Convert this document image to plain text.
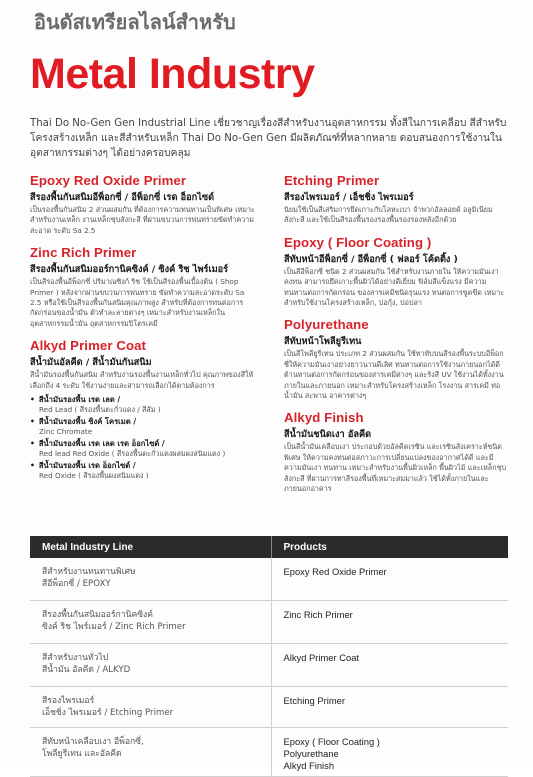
อินดัสเทรียลไลน์สำหรับ
Metal Industry
Thai Do No-Gen Gen Industrial Line เชี่ยวชาญเรื่องสีสำหรับงานอุตสาหกรรม ทั้งสีในการเคลือบ สีสำหรับโครงสร้างเหล็ก และสีสำหรับเหล็ก Thai Do No-Gen Gen มีผลิตภัณฑ์ที่หลากหลาย ตอบสนองการใช้งานในอุตสาหกรรมต่างๆ ได้อย่างครอบคลุม
Epoxy Red Oxide Primer
สีรองพื้นกันสนิมอีพ็อกซี่ / อีพ็อกซี่ เรด อ็อกไซด์
เป็นรองพื้นกันสนิม 2 ส่วนผสมกัน ที่ต้องการความทนทานเป็นพิเศษ เหมาะสำหรับงานเหล็ก งานเหล็กชุบสังกะสี ที่ผ่านขบวนการพ่นทรายขัดทำความสะอาด ระดับ Sa 2.5
Zinc Rich Primer
สีรองพื้นกันสนิมออร์กานิคซิงค์ / ซิงค์ ริช ไพร์เมอร์
เป็นสีรองพื้นอีพ็อกซี่ ปริมาณซิงก์ ริช ใช้เป็นสีรองพื้นเบื้องต้น ( Shop Primer ) หลังจากผ่านขบวนการพ่นทราย ขัดทำความสะอาดระดับ Sa 2.5 หรือใช้เป็นสีรองพื้นกันสนิมคุณภาพสูง สำหรับที่ต้องการทนต่อการกัดกร่อนของน้ำมัน ตัวทำละลายต่างๆ เหมาะสำหรับงานเหล็กในอุตสาหกรรมน้ำมัน อุตสาหกรรมปิโตรเคมี
Alkyd Primer Coat
สีน้ำมันอัลคีด / สีน้ำมันกันสนิม
สีน้ำมันรองพื้นกันสนิม สำหรับงานรองพื้นงานเหล็กทั่วไป คุณภาพของสีให้ เลือกถึง 4 ระดับ ใช้งานง่ายและสามารถเลือกได้ตามต้องการ
• สีน้ำมันรองพื้น เรด เลด /
Red Lead ( สีรองพื้นตะกั่วแดง / สีส้ม )
• สีน้ำมันรองพื้น ซิงค์ โครเมต /
Zinc Chromate
• สีน้ำมันรองพื้น เรด เลด เรด อ็อกไซด์ /
Red lead Red Oxide ( สีรองพื้นตะกั่วแดงผสมผงสนิมแดง )
• สีน้ำมันรองพื้น เรด อ็อกไซด์ /
Red Oxide ( สีรองพื้นผงสนิมแดง )
Etching Primer
สีรองไพรเมอร์ / เอ็ชชิ่ง ไพรเมอร์
นิยมใช้เป็นสีเสริมการยึดเกาะกับโลหะเบา จำพวกอัลลอยด์ อลูมิเนียม สังกะสี และใช้เป็นสีรองพื้นรองรองพื้นรองรองหลังอีกด้วย
Epoxy ( Floor Coating )
สีทับหน้าอีพ็อกซี่ / อีพ็อกซี่ ( ฟลอร์ โค้ตติ้ง )
เป็นสีอีพ็อกซี่ ชนิด 2 ส่วนผสมกัน ใช้สำหรับงานภายใน ให้ความมันเงา คงทน สามารถยึดเกาะพื้นผิวได้อย่างดีเยี่ยม ฟิล์มสีแข็งแรง มีความทนทานต่อการกัดกร่อน ของสารเคมีชนิดรุนแรง ทนต่อการขูดขีด เหมาะสำหรับใช้งานโครงสร้างเหล็ก, บ่อกุ้ง, บ่อปลา
Polyurethane
สีทับหน้าโพลียูรีเทน
เป็นสีโพลียูรีเทน ประเภท 2 ส่วนผสมกัน ใช้ทาทับบนสีรองพื้นระบบอีพ็อกซี่ให้ความมันเงาอย่างยาวนานดีเลิศ ทนทานต่อการใช้งานภายนอกได้ดี ต้านทานต่อการกัดกร่อนของสารเคมีต่างๆ และรังสี UV ใช้งานได้ทั้งงานภายในและภายนอก เหมาะสำหรับโครงสร้างเหล็ก โรงงาน สารเคมี ท่อน้ำมัน สะพาน อาคารต่างๆ
Alkyd Finish
สีน้ำมันชนิดเงา อัลคีด
เป็นสีน้ำมันเคลือบเงา ประกอบด้วยอัลคีดเรซิน และเรซินสังเคราะห์ชนิดพิเศษ ให้ความคงทนต่อสภาวะการเปลี่ยนแปลงของอากาศได้ดี และมีความมันเงา ทนทาน เหมาะสำหรับงานพื้นผิวเหล็ก พื้นผิวไม้ และเหล็กชุบสังกะสี ที่ผ่านการทาสีรองพื้นที่เหมาะสมมาแล้ว ใช้ได้ทั้งภายในและภายนอกอาคาร
Metal Industry Line	Products

สีสำหรับงานทนทานพิเศษ
สีอีพ็อกซี่ / EPOXY	Epoxy Red Oxide Primer

สีรองพื้นกันสนิมออร์กานิคซิงค์
ซิงค์ ริช ไพร์เมอร์ / Zinc Rich Primer	Zinc Rich Primer

สีสำหรับงานทั่วไป
สีน้ำมัน อัลคีด / ALKYD	Alkyd Primer Coat

สีรองไพรเมอร์
เอ็ชชิ่ง ไพรเมอร์ / Etching Primer	Etching Primer

สีทับหน้าเคลือบเงา อีพ็อกซี่,
โพลียูรีเทน และอัลคีด	Epoxy ( Floor Coating )
Polyurethane
Alkyd Finish
